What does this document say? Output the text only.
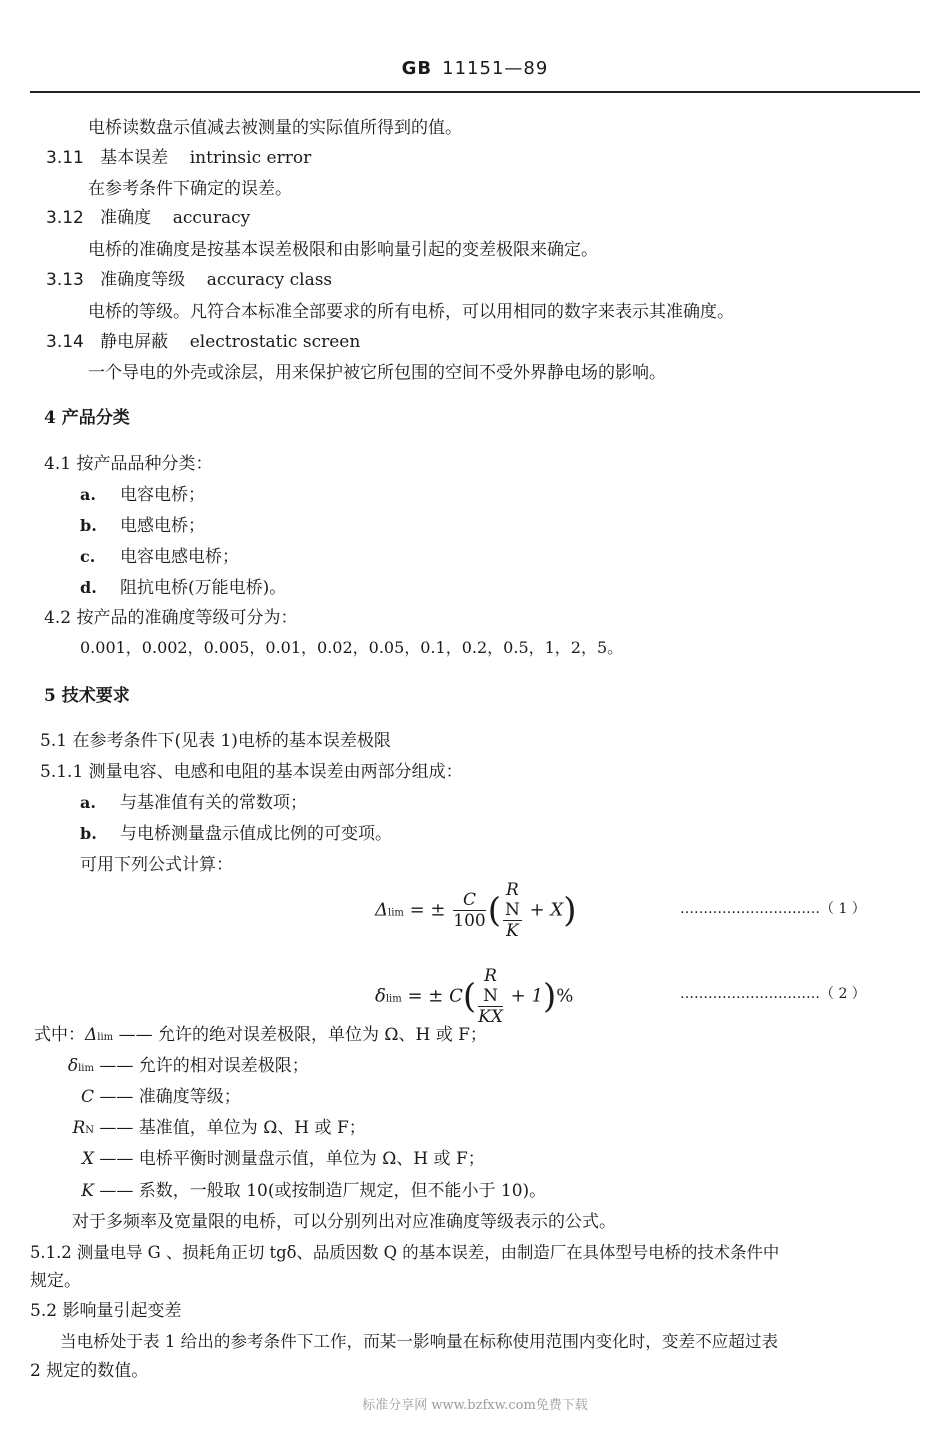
GB 11151—89
电桥读数盘示值减去被测量的实际值所得到的值。
3.11 基本误差 intrinsic error
在参考条件下确定的误差。
3.12 准确度 accuracy
电桥的准确度是按基本误差极限和由影响量引起的变差极限来确定。
3.13 准确度等级 accuracy class
电桥的等级。凡符合本标准全部要求的所有电桥，可以用相同的数字来表示其准确度。
3.14 静电屏蔽 electrostatic screen
一个导电的外壳或涂层，用来保护被它所包围的空间不受外界静电场的影响。
4 产品分类
4.1 按产品品种分类：
a. 电容电桥；
b. 电感电桥；
c. 电容电感电桥；
d. 阻抗电桥(万能电桥)。
4.2 按产品的准确度等级可分为：
0.001，0.002，0.005，0.01，0.02，0.05，0.1，0.2，0.5，1，2，5。
5 技术要求
5.1 在参考条件下(见表 1)电桥的基本误差极限
5.1.1 测量电容、电感和电阻的基本误差由两部分组成：
a. 与基准值有关的常数项；
b. 与电桥测量盘示值成比例的可变项。
可用下列公式计算：
Δlim = ± $\frac{C}{100}$ ( R
N
K + X)	…………………………（ 1 ）
δlim = ± C( R
N
KX + 1)%	…………………………（ 2 ）
式中：Δlim —— 允许的绝对误差极限，单位为 Ω、H 或 F；
δlim —— 允许的相对误差极限；
C —— 准确度等级；
RN —— 基准值，单位为 Ω、H 或 F；
X —— 电桥平衡时测量盘示值，单位为 Ω、H 或 F；
K —— 系数，一般取 10(或按制造厂规定，但不能小于 10)。
对于多频率及宽量限的电桥，可以分别列出对应准确度等级表示的公式。
5.1.2 测量电导 G 、损耗角正切 tgδ、品质因数 Q 的基本误差，由制造厂在具体型号电桥的技术条件中
规定。
5.2 影响量引起变差
当电桥处于表 1 给出的参考条件下工作，而某一影响量在标称使用范围内变化时，变差不应超过表
2 规定的数值。
标准分享网 www.bzfxw.com免费下载
